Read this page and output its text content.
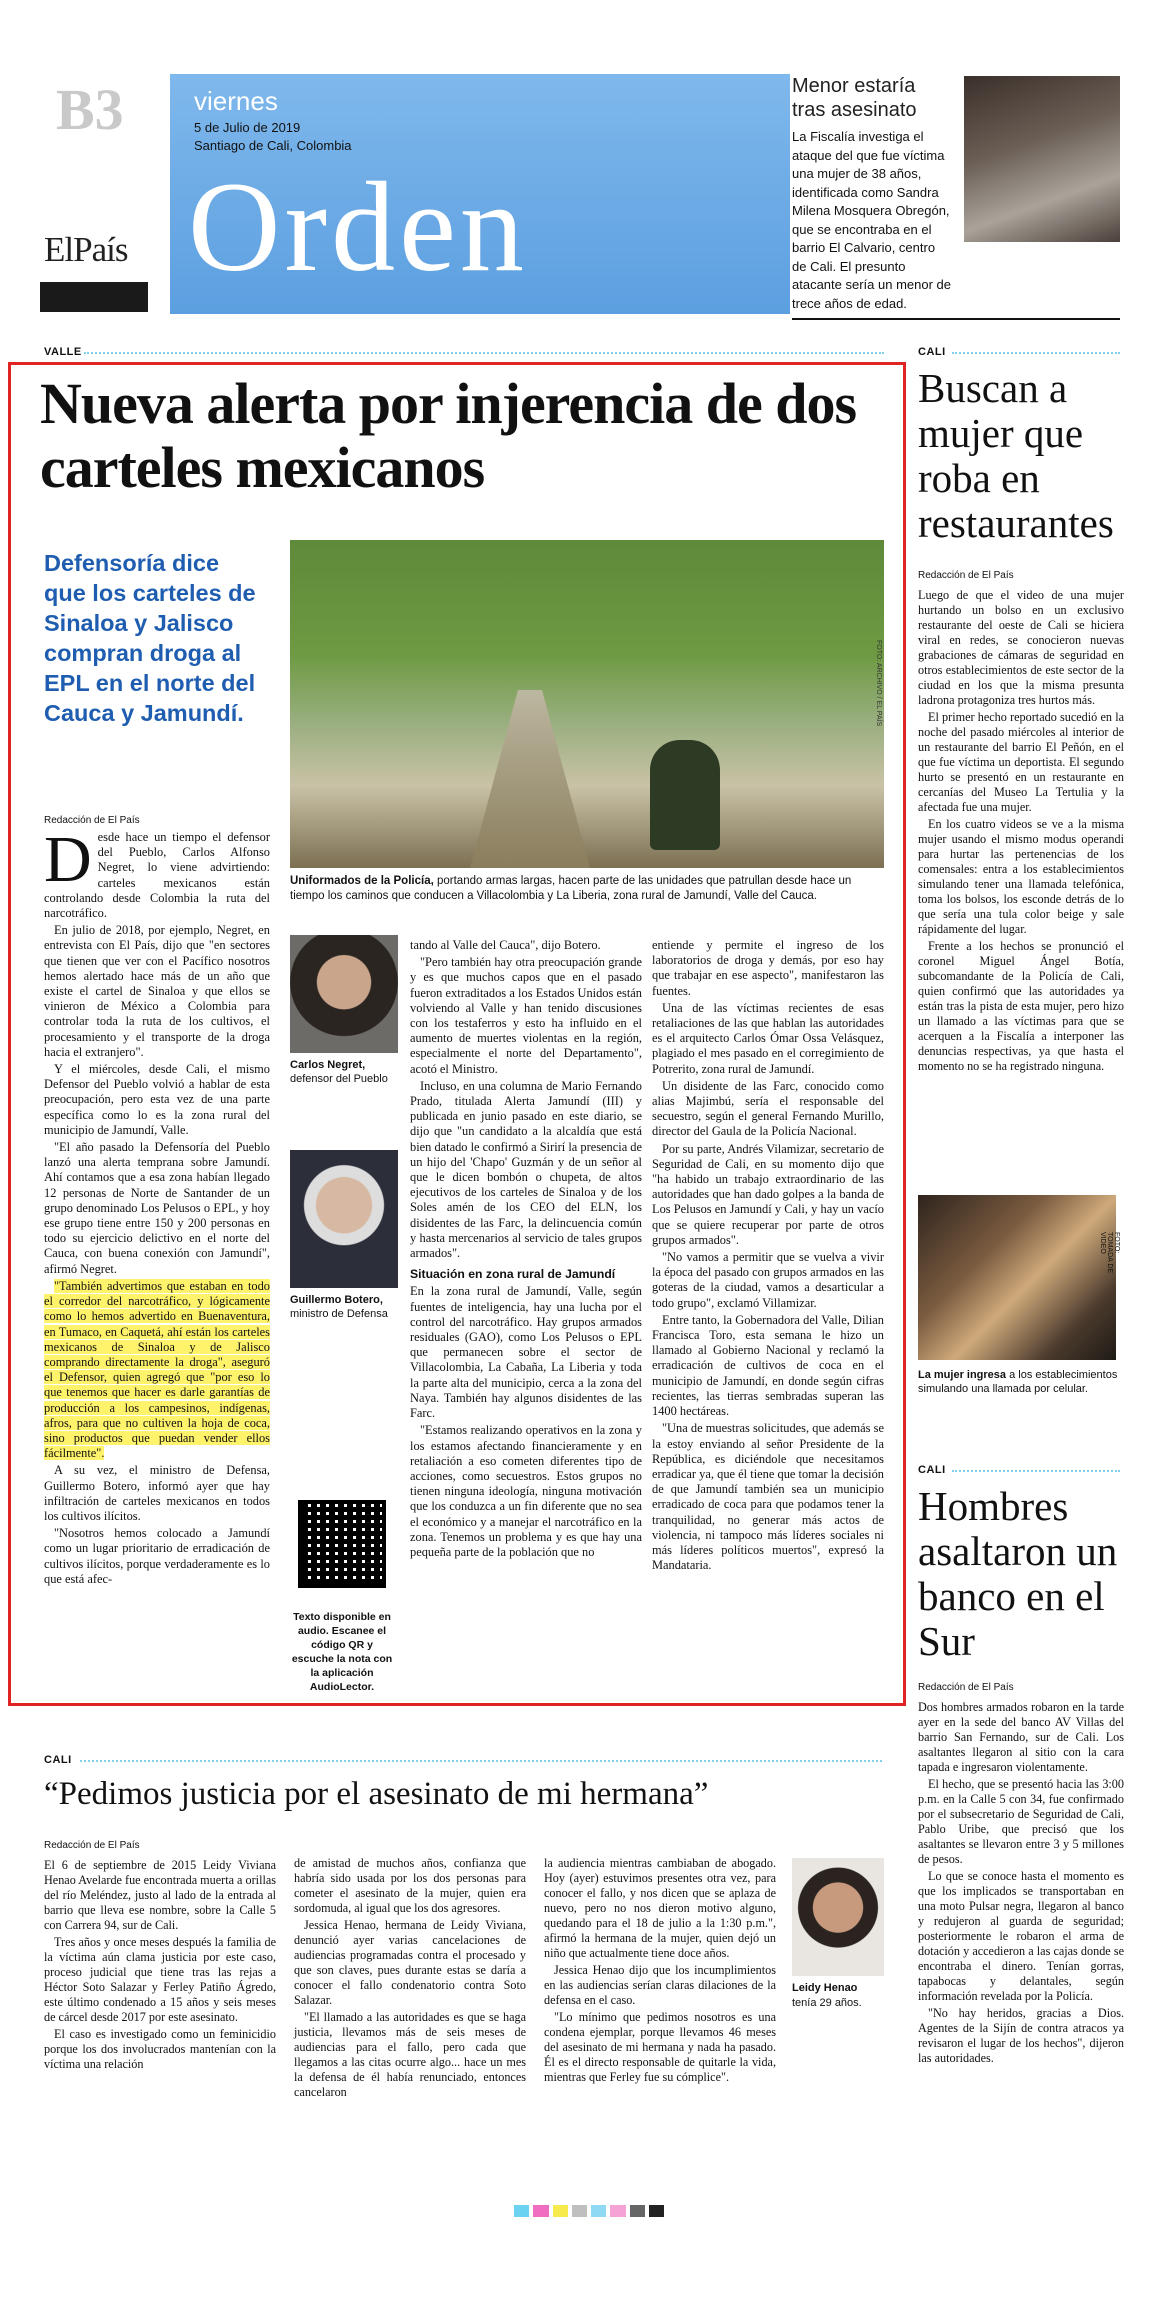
B3
ElPaís
viernes
5 de Julio de 2019
Santiago de Cali, Colombia
Orden
Menor estaría tras asesinato
La Fiscalía investiga el ataque del que fue víctima una mujer de 38 años, identificada como Sandra Milena Mosquera Obregón, que se encontraba en el barrio El Calvario, centro de Cali. El presunto atacante sería un menor de trece años de edad.
VALLE
Nueva alerta por injerencia de dos carteles mexicanos
Defensoría dice que los carteles de Sinaloa y Jalisco compran droga al EPL en el norte del Cauca y Jamundí.	FOTO: ARCHIVO / EL PAÍS
Uniformados de la Policía, portando armas largas, hacen parte de las unidades que patrullan desde hace un tiempo los caminos que conducen a Villacolombia y La Liberia, zona rural de Jamundí, Valle del Cauca.
Redacción de El País
D esde hace un tiempo el defensor del Pueblo, Carlos Alfonso Negret, lo viene advirtiendo: carteles mexicanos están controlando desde Colombia la ruta del narcotráfico.

En julio de 2018, por ejemplo, Negret, en entrevista con El País, dijo que "en sectores que tienen que ver con el Pacífico nosotros hemos alertado hace más de un año que existe el cartel de Sinaloa y que ellos se vinieron de México a Colombia para controlar toda la ruta de los cultivos, el procesamiento y el transporte de la droga hacia el extranjero".

Y el miércoles, desde Cali, el mismo Defensor del Pueblo volvió a hablar de esta preocupación, pero esta vez de una parte específica como lo es la zona rural del municipio de Jamundí, Valle.

"El año pasado la Defensoría del Pueblo lanzó una alerta temprana sobre Jamundí. Ahí contamos que a esa zona habían llegado 12 personas de Norte de Santander de un grupo denominado Los Pelusos o EPL, y hoy ese grupo tiene entre 150 y 200 personas en todo su ejercicio delictivo en el norte del Cauca, con buena conexión con Jamundí", afirmó Negret.

"También advertimos que estaban en todo el corredor del narcotráfico, y lógicamente como lo hemos advertido en Buenaventura, en Tumaco, en Caquetá, ahí están los carteles mexicanos de Sinaloa y de Jalisco comprando directamente la droga", aseguró el Defensor, quien agregó que "por eso lo que tenemos que hacer es darle garantías de producción a los campesinos, indígenas, afros, para que no cultiven la hoja de coca, sino productos que puedan vender ellos fácilmente".

A su vez, el ministro de Defensa, Guillermo Botero, informó ayer que hay infiltración de carteles mexicanos en todos los cultivos ilícitos.

"Nosotros hemos colocado a Jamundí como un lugar prioritario de erradicación de cultivos ilícitos, porque verdaderamente es lo que está afec-

Carlos Negret, defensor del Pueblo
Guillermo Botero, ministro de Defensa
Texto disponible en audio. Escanee el código QR y escuche la nota con la aplicación AudioLector.

tando al Valle del Cauca", dijo Botero.

"Pero también hay otra preocupación grande y es que muchos capos que en el pasado fueron extraditados a los Estados Unidos están volviendo al Valle y han tenido discusiones con los testaferros y esto ha influido en el aumento de muertes violentas en la región, especialmente el norte del Departamento", acotó el Ministro.

Incluso, en una columna de Mario Fernando Prado, titulada Alerta Jamundí (III) y publicada en junio pasado en este diario, se dijo que "un candidato a la alcaldía que está bien datado le confirmó a Sirirí la presencia de un hijo del 'Chapo' Guzmán y de un señor al que le dicen bombón o chupeta, de altos ejecutivos de los carteles de Sinaloa y de los Soles amén de los CEO del ELN, los disidentes de las Farc, la delincuencia común y hasta mercenarios al servicio de tales grupos armados".

Situación en zona rural de Jamundí

En la zona rural de Jamundí, Valle, según fuentes de inteligencia, hay una lucha por el control del narcotráfico. Hay grupos armados residuales (GAO), como Los Pelusos o EPL que permanecen sobre el sector de Villacolombia, La Cabaña, La Liberia y toda la parte alta del municipio, cerca a la zona del Naya. También hay algunos disidentes de las Farc.

"Estamos realizando operativos en la zona y los estamos afectando financieramente y en retaliación a eso cometen diferentes tipo de acciones, como secuestros. Estos grupos no tienen ninguna ideología, ninguna motivación que los conduzca a un fin diferente que no sea el económico y a manejar el narcotráfico en la zona. Tenemos un problema y es que hay una pequeña parte de la población que no

entiende y permite el ingreso de los laboratorios de droga y demás, por eso hay que trabajar en ese aspecto", manifestaron las fuentes.

Una de las víctimas recientes de esas retaliaciones de las que hablan las autoridades es el arquitecto Carlos Ómar Ossa Velásquez, plagiado el mes pasado en el corregimiento de Potrerito, zona rural de Jamundí.

Un disidente de las Farc, conocido como alias Majimbú, sería el responsable del secuestro, según el general Fernando Murillo, director del Gaula de la Policía Nacional.

Por su parte, Andrés Vilamizar, secretario de Seguridad de Cali, en su momento dijo que "ha habido un trabajo extraordinario de las autoridades que han dado golpes a la banda de Los Pelusos en Jamundí y Cali, y hay un vacío que se quiere recuperar por parte de otros grupos armados".

"No vamos a permitir que se vuelva a vivir la época del pasado con grupos armados en las goteras de la ciudad, vamos a desarticular a todo grupo", exclamó Villamizar.

Entre tanto, la Gobernadora del Valle, Dilian Francisca Toro, esta semana le hizo un llamado al Gobierno Nacional y reclamó la erradicación de cultivos de coca en el municipio de Jamundí, en donde según cifras recientes, las tierras sembradas superan las 1400 hectáreas.

"Una de muestras solicitudes, que además se la estoy enviando al señor Presidente de la República, es diciéndole que necesitamos erradicar ya, que él tiene que tomar la decisión de que Jamundí también sea un municipio erradicado de coca para que podamos tener la tranquilidad, no generar más actos de violencia, ni tampoco más líderes sociales ni más líderes políticos muertos", expresó la Mandataria.

CALI
Buscan a mujer que roba en restaurantes
Redacción de El País

Luego de que el video de una mujer hurtando un bolso en un exclusivo restaurante del oeste de Cali se hiciera viral en redes, se conocieron nuevas grabaciones de cámaras de seguridad en otros establecimientos de este sector de la ciudad en los que la misma presunta ladrona protagoniza tres hurtos más.

El primer hecho reportado sucedió en la noche del pasado miércoles al interior de un restaurante del barrio El Peñón, en el que fue víctima un deportista. El segundo hurto se presentó en un restaurante en cercanías del Museo La Tertulia y la afectada fue una mujer.

En los cuatro videos se ve a la misma mujer usando el mismo modus operandi para hurtar las pertenencias de los comensales: entra a los establecimientos simulando tener una llamada telefónica, toma los bolsos, los esconde detrás de lo que sería una tula color beige y sale rápidamente del lugar.

Frente a los hechos se pronunció el coronel Miguel Ángel Botía, subcomandante de la Policía de Cali, quien confirmó que las autoridades ya están tras la pista de esta mujer, pero hizo un llamado a las víctimas para que se acerquen a la Fiscalía a interponer las denuncias respectivas, ya que hasta el momento no se ha registrado ninguna.

FOTO: TOMADA DE VIDEO
La mujer ingresa a los establecimientos simulando una llamada por celular.
CALI
Hombres asaltaron un banco en el Sur
Redacción de El País

Dos hombres armados robaron en la tarde ayer en la sede del banco AV Villas del barrio San Fernando, sur de Cali. Los asaltantes llegaron al sitio con la cara tapada e ingresaron violentamente.

El hecho, que se presentó hacia las 3:00 p.m. en la Calle 5 con 34, fue confirmado por el subsecretario de Seguridad de Cali, Pablo Uribe, que precisó que los asaltantes se llevaron entre 3 y 5 millones de pesos.

Lo que se conoce hasta el momento es que los implicados se transportaban en una moto Pulsar negra, llegaron al banco y redujeron al guarda de seguridad; posteriormente le robaron el arma de dotación y accedieron a las cajas donde se encontraba el dinero. Tenían gorras, tapabocas y delantales, según información revelada por la Policía.

"No hay heridos, gracias a Dios. Agentes de la Sijín de contra atracos ya revisaron el lugar de los hechos", dijeron las autoridades.

CALI
“Pedimos justicia por el asesinato de mi hermana”
Redacción de El País

El 6 de septiembre de 2015 Leidy Viviana Henao Avelarde fue encontrada muerta a orillas del río Meléndez, justo al lado de la entrada al barrio que lleva ese nombre, sobre la Calle 5 con Carrera 94, sur de Cali.

Tres años y once meses después la familia de la víctima aún clama justicia por este caso, proceso judicial que tiene tras las rejas a Héctor Soto Salazar y Ferley Patiño Ágredo, este último condenado a 15 años y seis meses de cárcel desde 2017 por este asesinato.

El caso es investigado como un feminicidio porque los dos involucrados mantenían con la víctima una relación

de amistad de muchos años, confianza que habría sido usada por los dos personas para cometer el asesinato de la mujer, quien era sordomuda, al igual que los dos agresores.

Jessica Henao, hermana de Leidy Viviana, denunció ayer varias cancelaciones de audiencias programadas contra el procesado y que son claves, pues durante estas se daría a conocer el fallo condenatorio contra Soto Salazar.

"El llamado a las autoridades es que se haga justicia, llevamos más de seis meses de audiencias para el fallo, pero cada que llegamos a las citas ocurre algo... hace un mes la defensa de él había renunciado, entonces cancelaron

la audiencia mientras cambiaban de abogado. Hoy (ayer) estuvimos presentes otra vez, para conocer el fallo, y nos dicen que se aplaza de nuevo, pero no nos dieron motivo alguno, quedando para el 18 de julio a la 1:30 p.m.", afirmó la hermana de la mujer, quien dejó un niño que actualmente tiene doce años.

Jessica Henao dijo que los incumplimientos en las audiencias serían claras dilaciones de la defensa en el caso.

"Lo mínimo que pedimos nosotros es una condena ejemplar, porque llevamos 46 meses del asesinato de mi hermana y nada ha pasado. Él es el directo responsable de quitarle la vida, mientras que Ferley fue su cómplice".

Leidy Henao
tenía 29 años.
